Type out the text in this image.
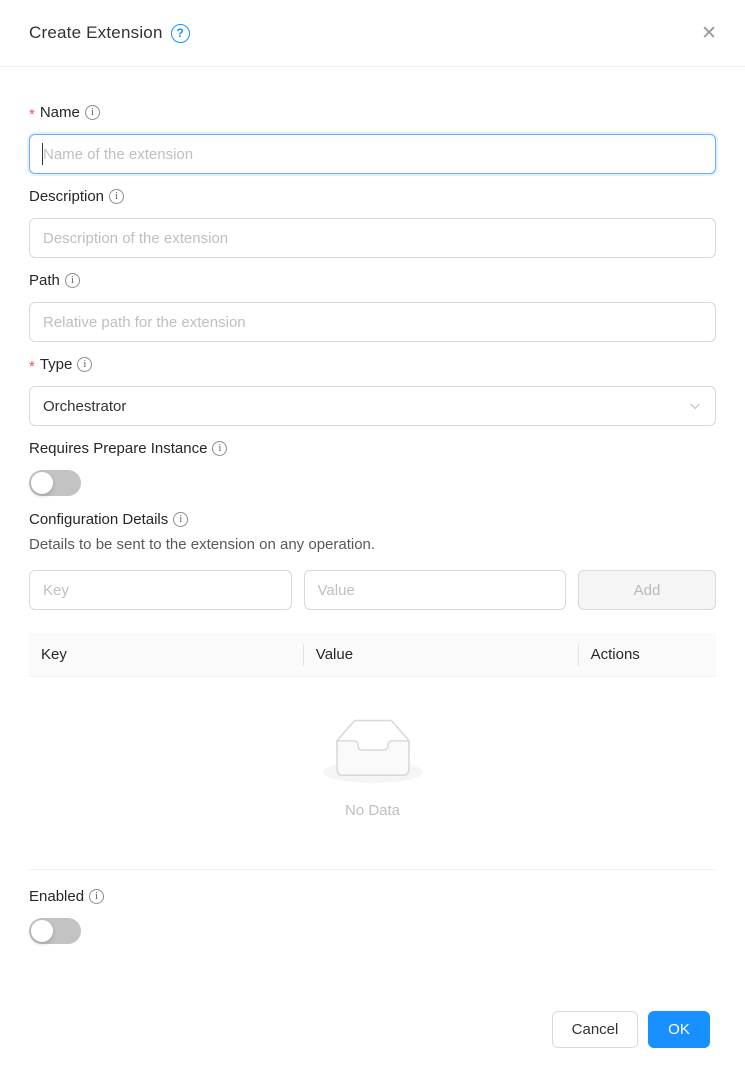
Create Extension	?	✕
* Name	i
Name of the extension
Description	i
Description of the extension
Path	i
Relative path for the extension
* Type	i
Orchestrator
Requires Prepare Instance	i
Configuration Details	i
Details to be sent to the extension on any operation.
Key
Value
Add
Key	Value	Actions
No Data
Enabled	i
Cancel	OK
